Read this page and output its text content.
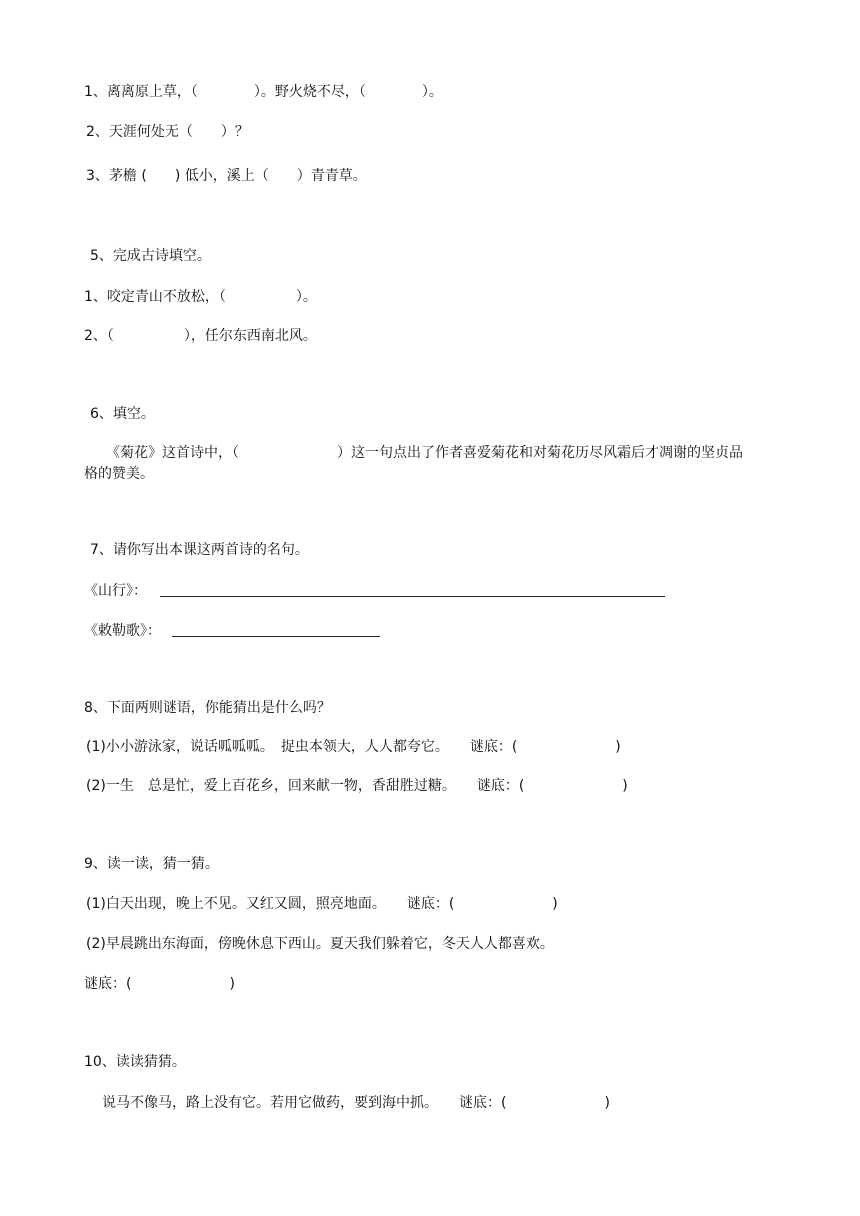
1、离离原上草，（　　　　）。野火烧不尽，（　　　　）。
2、天涯何处无（　　）？
3、茅檐 (　　) 低小，溪上（　　）青青草。
5、完成古诗填空。
1、咬定青山不放松，（　　　　　）。
2、（　　　　　），任尔东西南北风。
6、填空。
《菊花》这首诗中，（　　　　　　　）这一句点出了作者喜爱菊花和对菊花历尽风霜后才凋谢的坚贞品
格的赞美。
7、请你写出本课这两首诗的名句。
《山行》：
《敕勒歌》：
8、下面两则谜语，你能猜出是什么吗？
(1)小小游泳家，说话呱呱呱。　捉虫本领大，人人都夸它。　　谜底：(　　　　　　　)
(2)一生　总是忙，爱上百花乡，回来献一物，香甜胜过糖。　　谜底：(　　　　　　　)
9、读一读，猜一猜。
(1)白天出现，晚上不见。又红又圆，照亮地面。　　谜底：(　　　　　　　)
(2)早晨跳出东海面，傍晚休息下西山。夏天我们躲着它，冬天人人都喜欢。
谜底：(　　　　　　　)
10、读读猜猜。
说马不像马，路上没有它。若用它做药，要到海中抓。　　谜底：(　　　　　　　)
